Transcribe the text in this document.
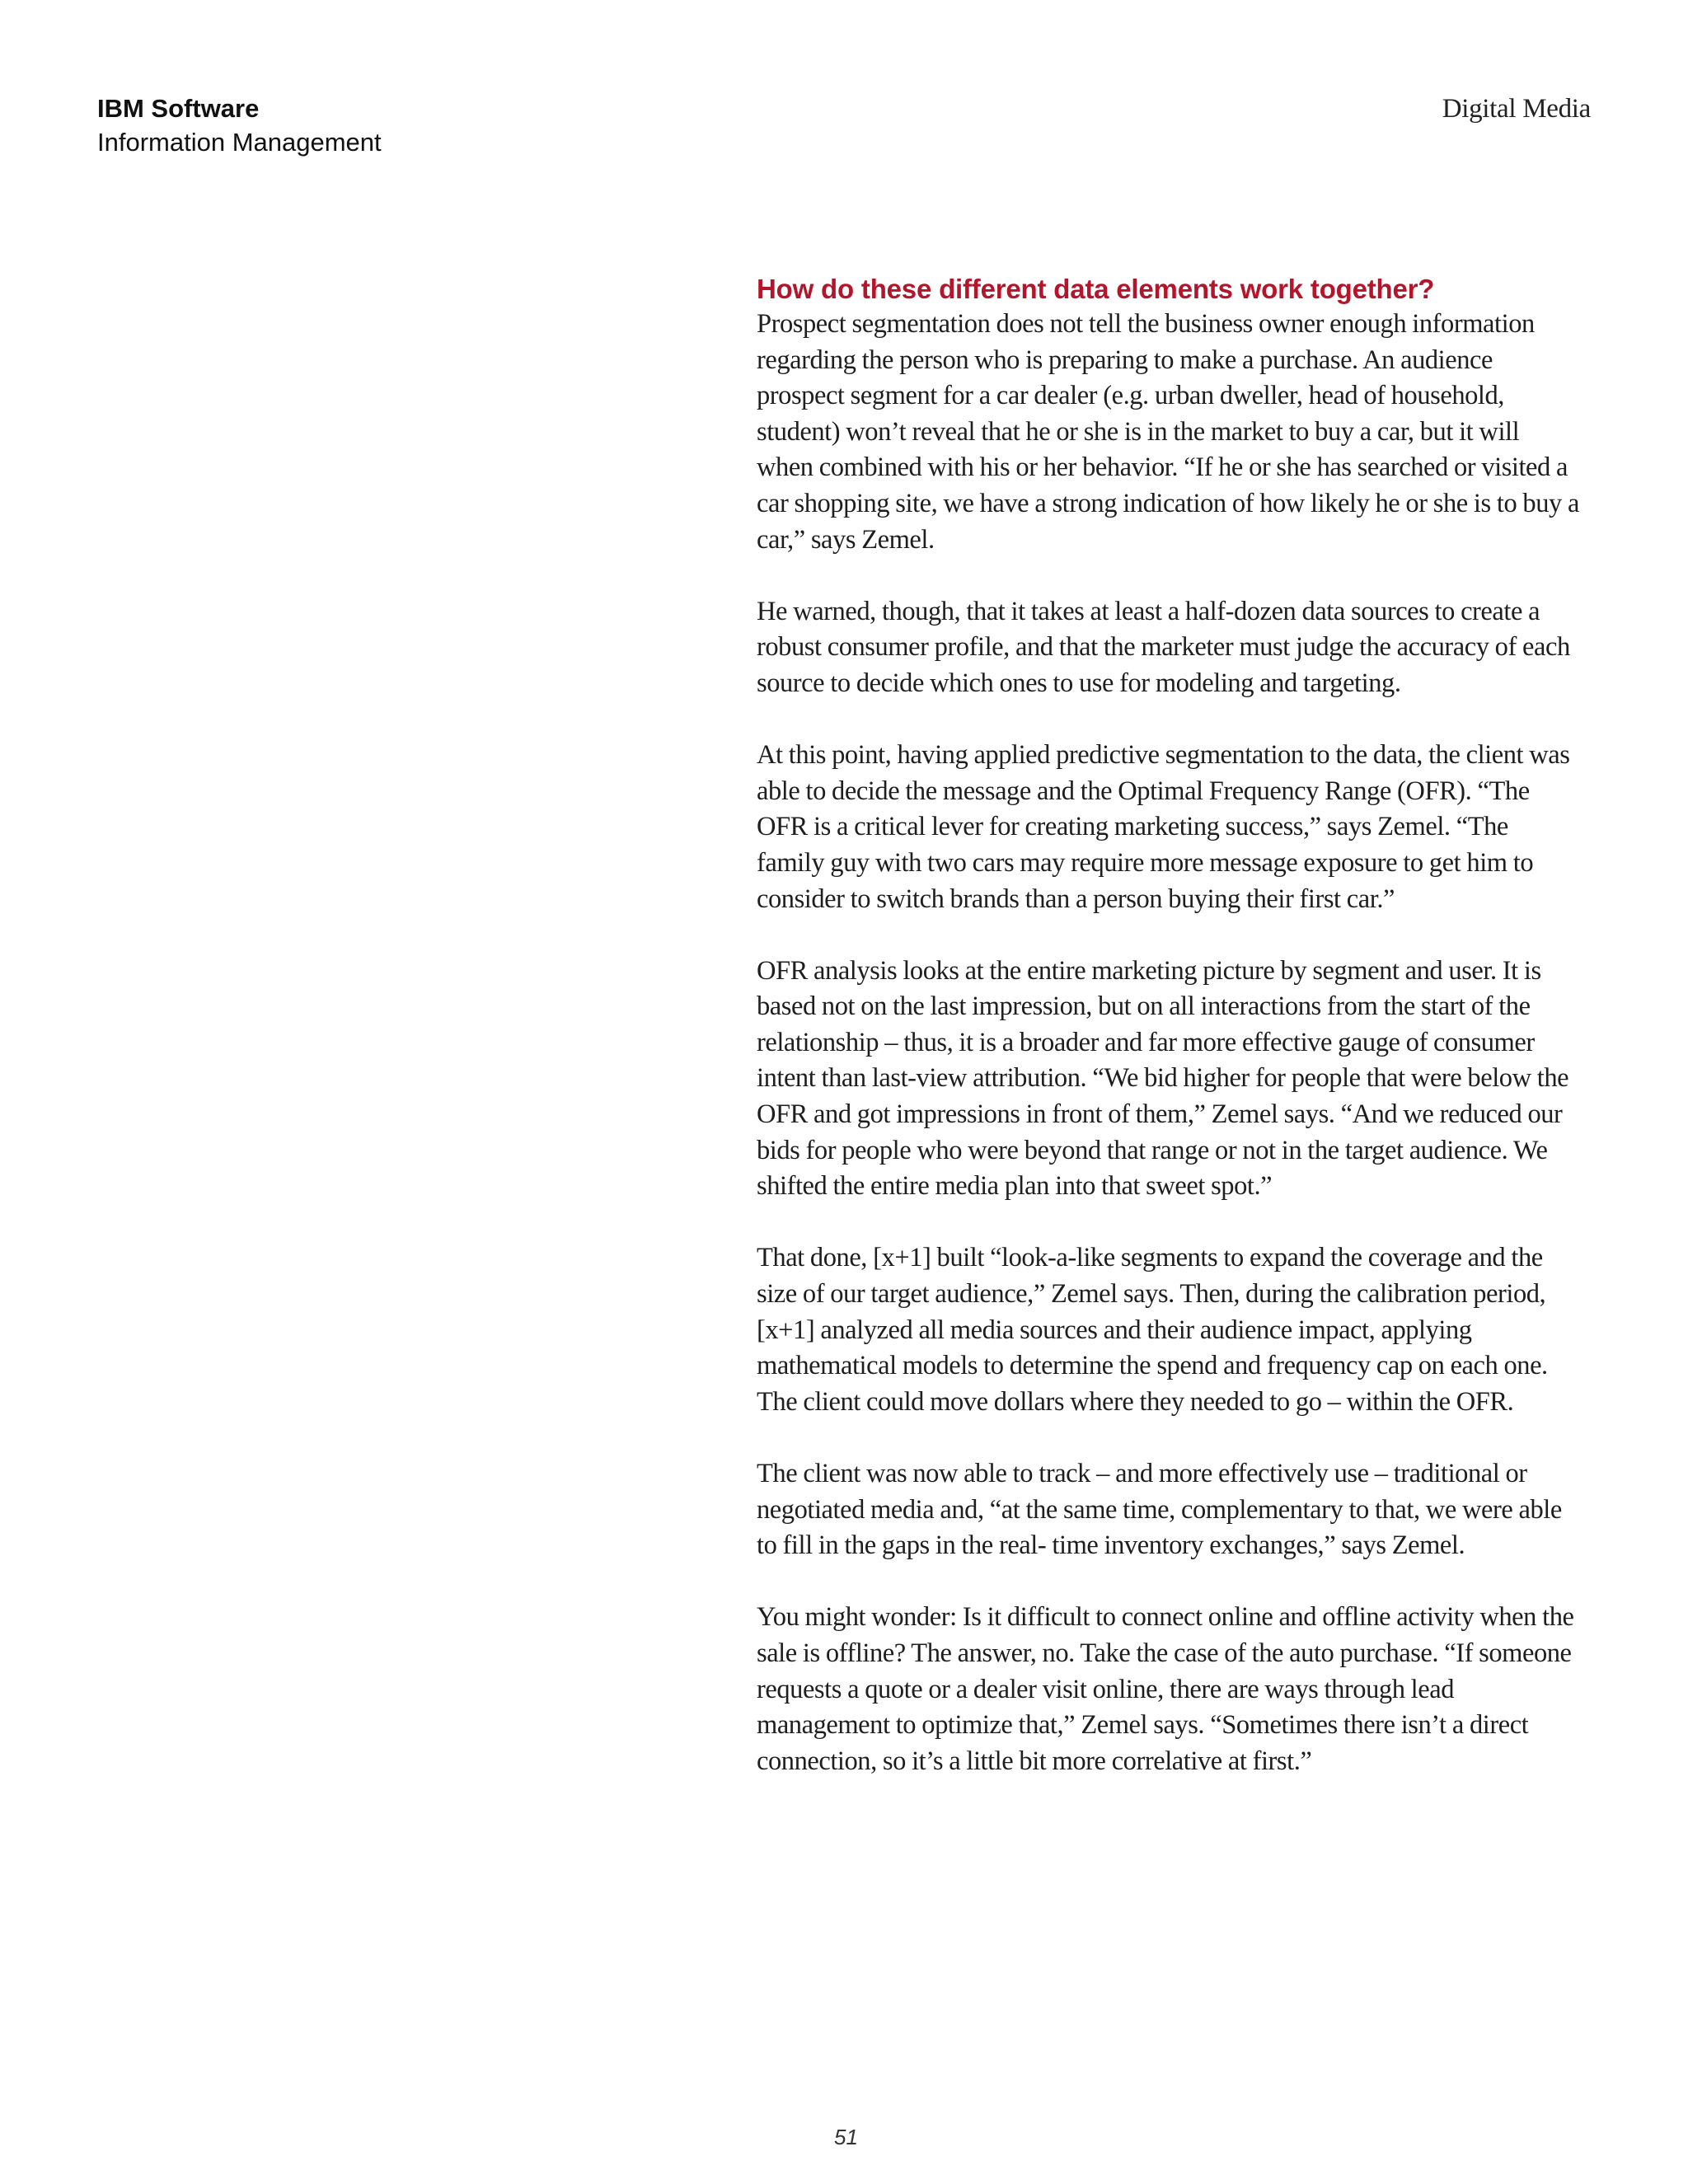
IBM Software

Information Management

Digital Media
How do these different data elements work together?

Prospect segmentation does not tell the business owner enough information regarding the person who is preparing to make a purchase. An audience prospect segment for a car dealer (e.g. urban dweller, head of household, student) won’t reveal that he or she is in the market to buy a car, but it will when combined with his or her behavior. “If he or she has searched or visited a car shopping site, we have a strong indication of how likely he or she is to buy a car,” says Zemel.

He warned, though, that it takes at least a half-dozen data sources to create a robust consumer profile, and that the marketer must judge the accuracy of each source to decide which ones to use for modeling and targeting.

At this point, having applied predictive segmentation to the data, the client was able to decide the message and the Optimal Frequency Range (OFR). “The OFR is a critical lever for creating marketing success,” says Zemel. “The family guy with two cars may require more message exposure to get him to consider to switch brands than a person buying their first car.”

OFR analysis looks at the entire marketing picture by segment and user. It is based not on the last impression, but on all interactions from the start of the relationship – thus, it is a broader and far more effective gauge of consumer intent than last-view attribution. “We bid higher for people that were below the OFR and got impressions in front of them,” Zemel says. “And we reduced our bids for people who were beyond that range or not in the target audience. We shifted the entire media plan into that sweet spot.”

That done, [x+1] built “look-a-like segments to expand the coverage and the size of our target audience,” Zemel says. Then, during the calibration period, [x+1] analyzed all media sources and their audience impact, applying mathematical models to determine the spend and frequency cap on each one. The client could move dollars where they needed to go – within the OFR.

The client was now able to track – and more effectively use – traditional or negotiated media and, “at the same time, complementary to that, we were able to fill in the gaps in the real- time inventory exchanges,” says Zemel.

You might wonder: Is it difficult to connect online and offline activity when the sale is offline? The answer, no. Take the case of the auto purchase. “If someone requests a quote or a dealer visit online, there are ways through lead management to optimize that,” Zemel says. “Sometimes there isn’t a direct connection, so it’s a little bit more correlative at first.”

51
